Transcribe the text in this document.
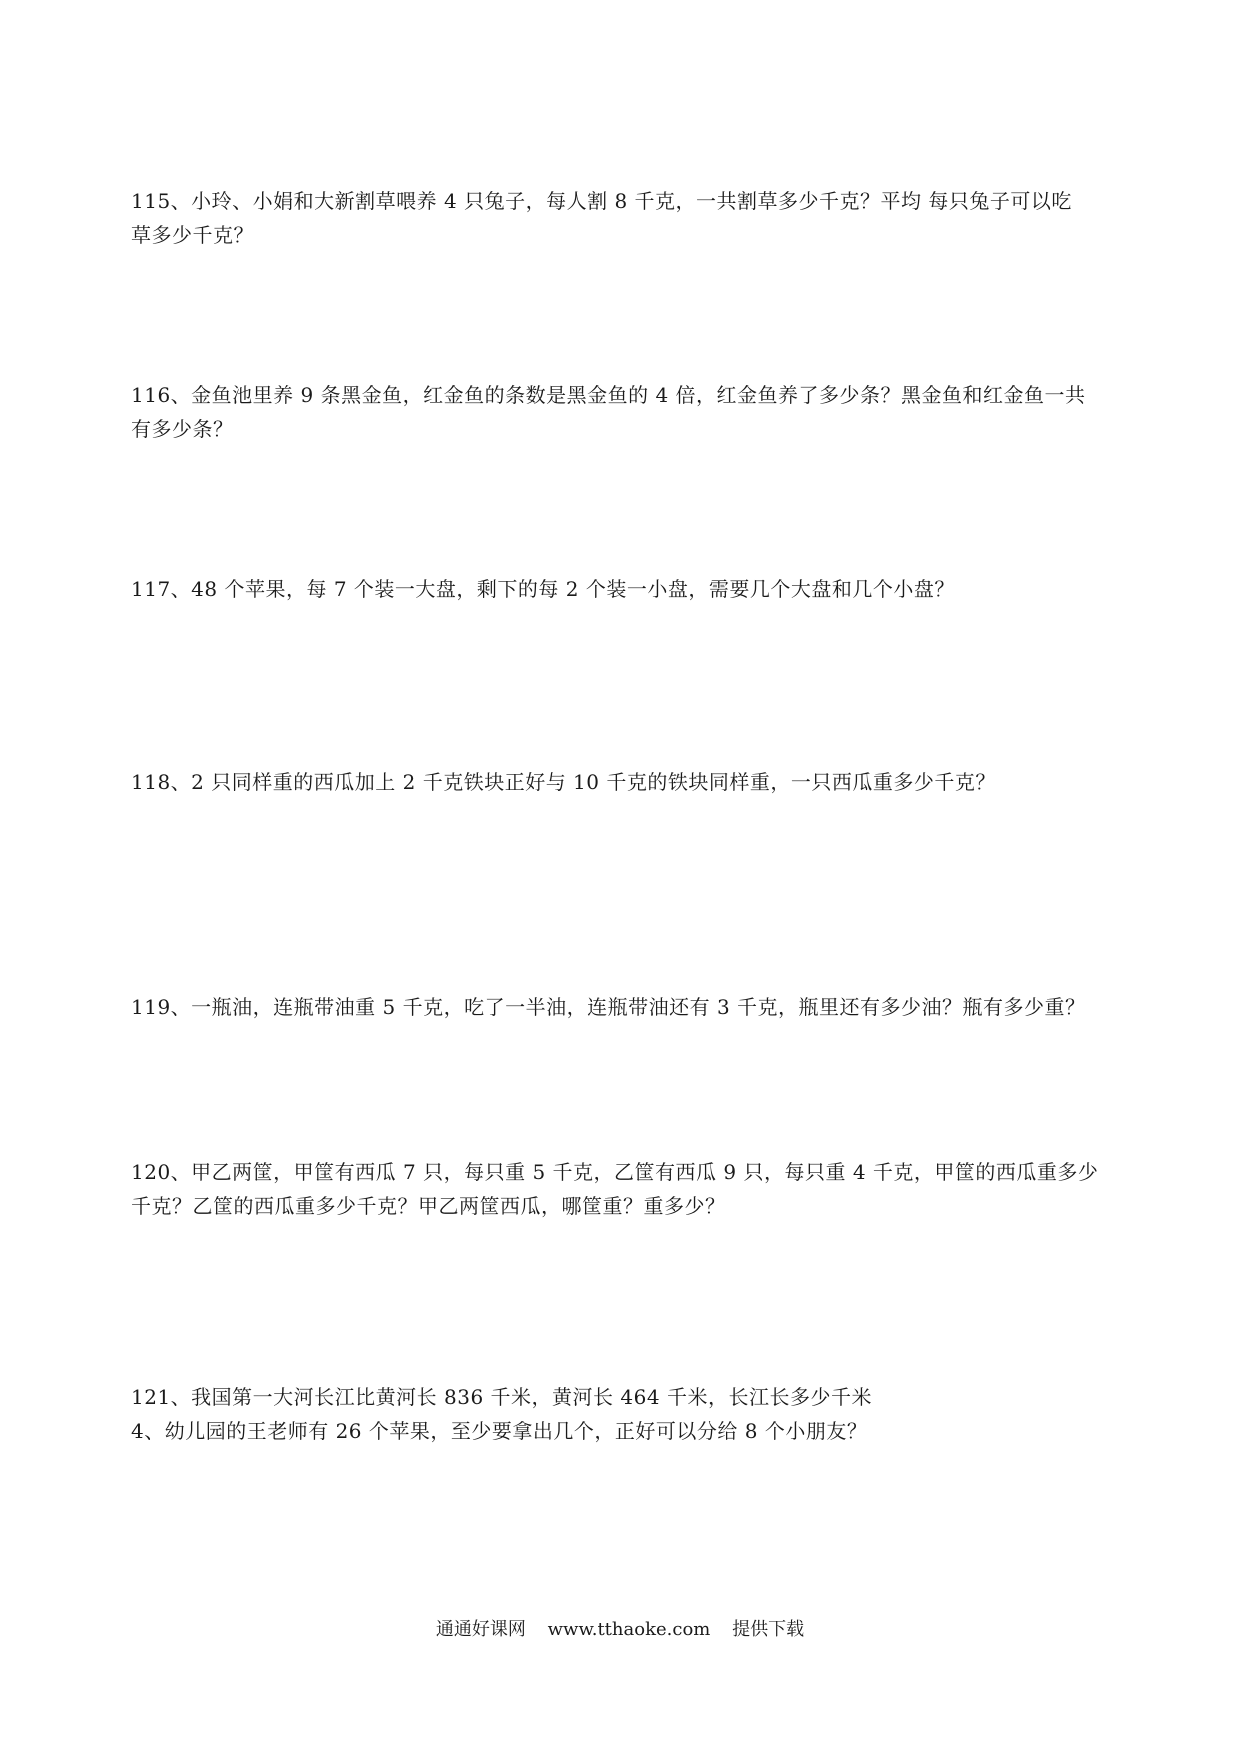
115、小玲、小娟和大新割草喂养 4 只兔子，每人割 8 千克，一共割草多少千克？平均 每只兔子可以吃
草多少千克？

116、金鱼池里养 9 条黑金鱼，红金鱼的条数是黑金鱼的 4 倍，红金鱼养了多少条？黑金鱼和红金鱼一共
有多少条？

117、48 个苹果，每 7 个装一大盘，剩下的每 2 个装一小盘，需要几个大盘和几个小盘？

118、2 只同样重的西瓜加上 2 千克铁块正好与 10 千克的铁块同样重，一只西瓜重多少千克？

119、一瓶油，连瓶带油重 5 千克，吃了一半油，连瓶带油还有 3 千克，瓶里还有多少油？瓶有多少重？

120、甲乙两筐，甲筐有西瓜 7 只，每只重 5 千克，乙筐有西瓜 9 只，每只重 4 千克，甲筐的西瓜重多少
千克？乙筐的西瓜重多少千克？甲乙两筐西瓜，哪筐重？重多少？

121、我国第一大河长江比黄河长 836 千米，黄河长 464 千米，长江长多少千米
4、幼儿园的王老师有 26 个苹果，至少要拿出几个，正好可以分给 8 个小朋友？

通通好课网 www.tthaoke.com 提供下载
